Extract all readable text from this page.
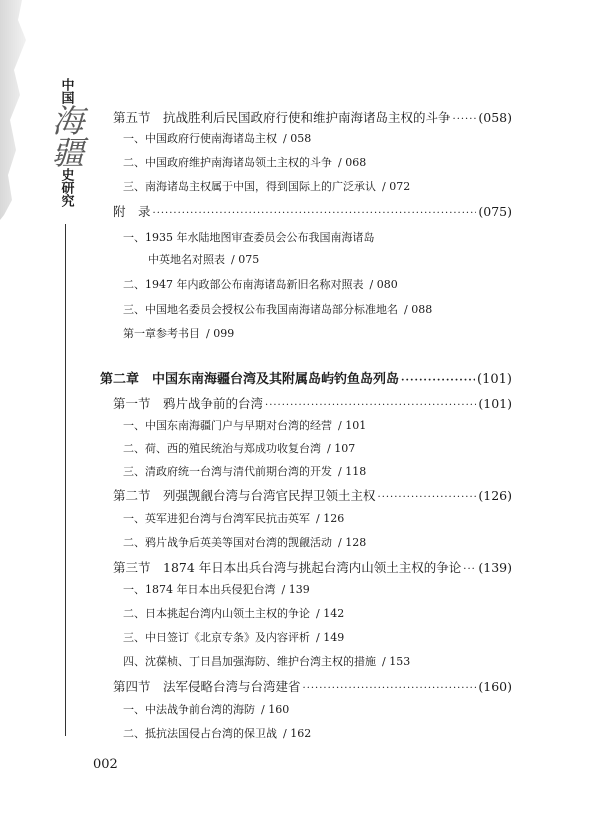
中国
海疆
史研究
第五节　抗战胜利后民国政府行使和维护南海诸岛主权的斗争 ····· (058)
一、中国政府行使南海诸岛主权 / 058
二、中国政府维护南海诸岛领土主权的斗争 / 068
三、南海诸岛主权属于中国，得到国际上的广泛承认 / 072
附　录 ·····	(075)
一、1935 年水陆地图审查委员会公布我国南海诸岛
中英地名对照表 / 075
二、1947 年内政部公布南海诸岛新旧名称对照表 / 080
三、中国地名委员会授权公布我国南海诸岛部分标准地名 / 088
第一章参考书目 / 099
第二章　中国东南海疆台湾及其附属岛屿钓鱼岛列岛 ·····	(101)
第一节　鸦片战争前的台湾 ·····	(101)
一、中国东南海疆门户与早期对台湾的经营 / 101
二、荷、西的殖民统治与郑成功收复台湾 / 107
三、清政府统一台湾与清代前期台湾的开发 / 118
第二节　列强觊觎台湾与台湾官民捍卫领土主权 ·····	(126)
一、英军进犯台湾与台湾军民抗击英军 / 126
二、鸦片战争后英美等国对台湾的觊觎活动 / 128
第三节　1874 年日本出兵台湾与挑起台湾内山领土主权的争论 ····· (139)
一、1874 年日本出兵侵犯台湾 / 139
二、日本挑起台湾内山领土主权的争论 / 142
三、中日签订《北京专条》及内容评析 / 149
四、沈葆桢、丁日昌加强海防、维护台湾主权的措施 / 153
第四节　法军侵略台湾与台湾建省 ·····	(160)
一、中法战争前台湾的海防 / 160
二、抵抗法国侵占台湾的保卫战 / 162
002
